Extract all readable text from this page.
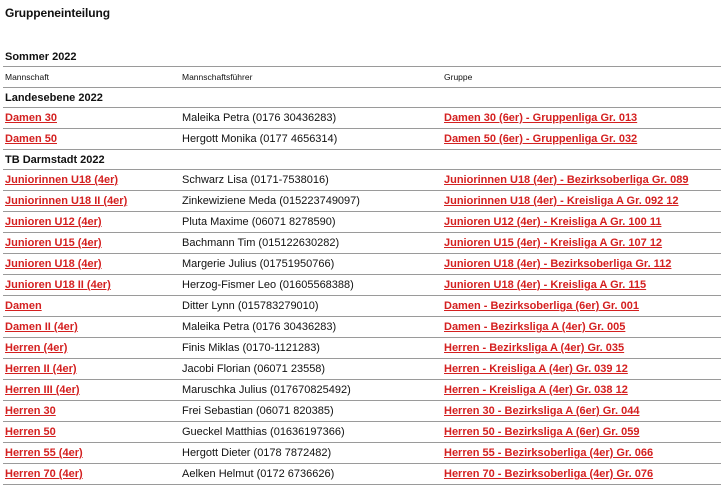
Gruppeneinteilung
Sommer 2022
Mannschaft	Mannschaftsführer	Gruppe
Landesebene 2022		
Damen 30	Maleika Petra (0176 30436283)	Damen 30 (6er) - Gruppenliga Gr. 013
Damen 50	Hergott Monika (0177 4656314)	Damen 50 (6er) - Gruppenliga Gr. 032
TB Darmstadt 2022		
Juniorinnen U18 (4er)	Schwarz Lisa (0171-7538016)	Juniorinnen U18 (4er) - Bezirksoberliga Gr. 089
Juniorinnen U18 II (4er)	Zinkewiziene Meda (015223749097)	Juniorinnen U18 (4er) - Kreisliga A Gr. 092 12
Junioren U12 (4er)	Pluta Maxime (06071 8278590)	Junioren U12 (4er) - Kreisliga A Gr. 100 11
Junioren U15 (4er)	Bachmann Tim (015122630282)	Junioren U15 (4er) - Kreisliga A Gr. 107 12
Junioren U18 (4er)	Margerie Julius (01751950766)	Junioren U18 (4er) - Bezirksoberliga Gr. 112
Junioren U18 II (4er)	Herzog-Fismer Leo (01605568388)	Junioren U18 (4er) - Kreisliga A Gr. 115
Damen	Ditter Lynn (015783279010)	Damen - Bezirksoberliga (6er) Gr. 001
Damen II (4er)	Maleika Petra (0176 30436283)	Damen - Bezirksliga A (4er) Gr. 005
Herren (4er)	Finis Miklas (0170-1121283)	Herren - Bezirksliga A (4er) Gr. 035
Herren II (4er)	Jacobi Florian (06071 23558)	Herren - Kreisliga A (4er) Gr. 039 12
Herren III (4er)	Maruschka Julius (017670825492)	Herren - Kreisliga A (4er) Gr. 038 12
Herren 30	Frei Sebastian (06071 820385)	Herren 30 - Bezirksliga A (6er) Gr. 044
Herren 50	Gueckel Matthias (01636197366)	Herren 50 - Bezirksliga A (6er) Gr. 059
Herren 55 (4er)	Hergott Dieter (0178 7872482)	Herren 55 - Bezirksoberliga (4er) Gr. 066
Herren 70 (4er)	Aelken Helmut (0172 6736626)	Herren 70 - Bezirksoberliga (4er) Gr. 076
